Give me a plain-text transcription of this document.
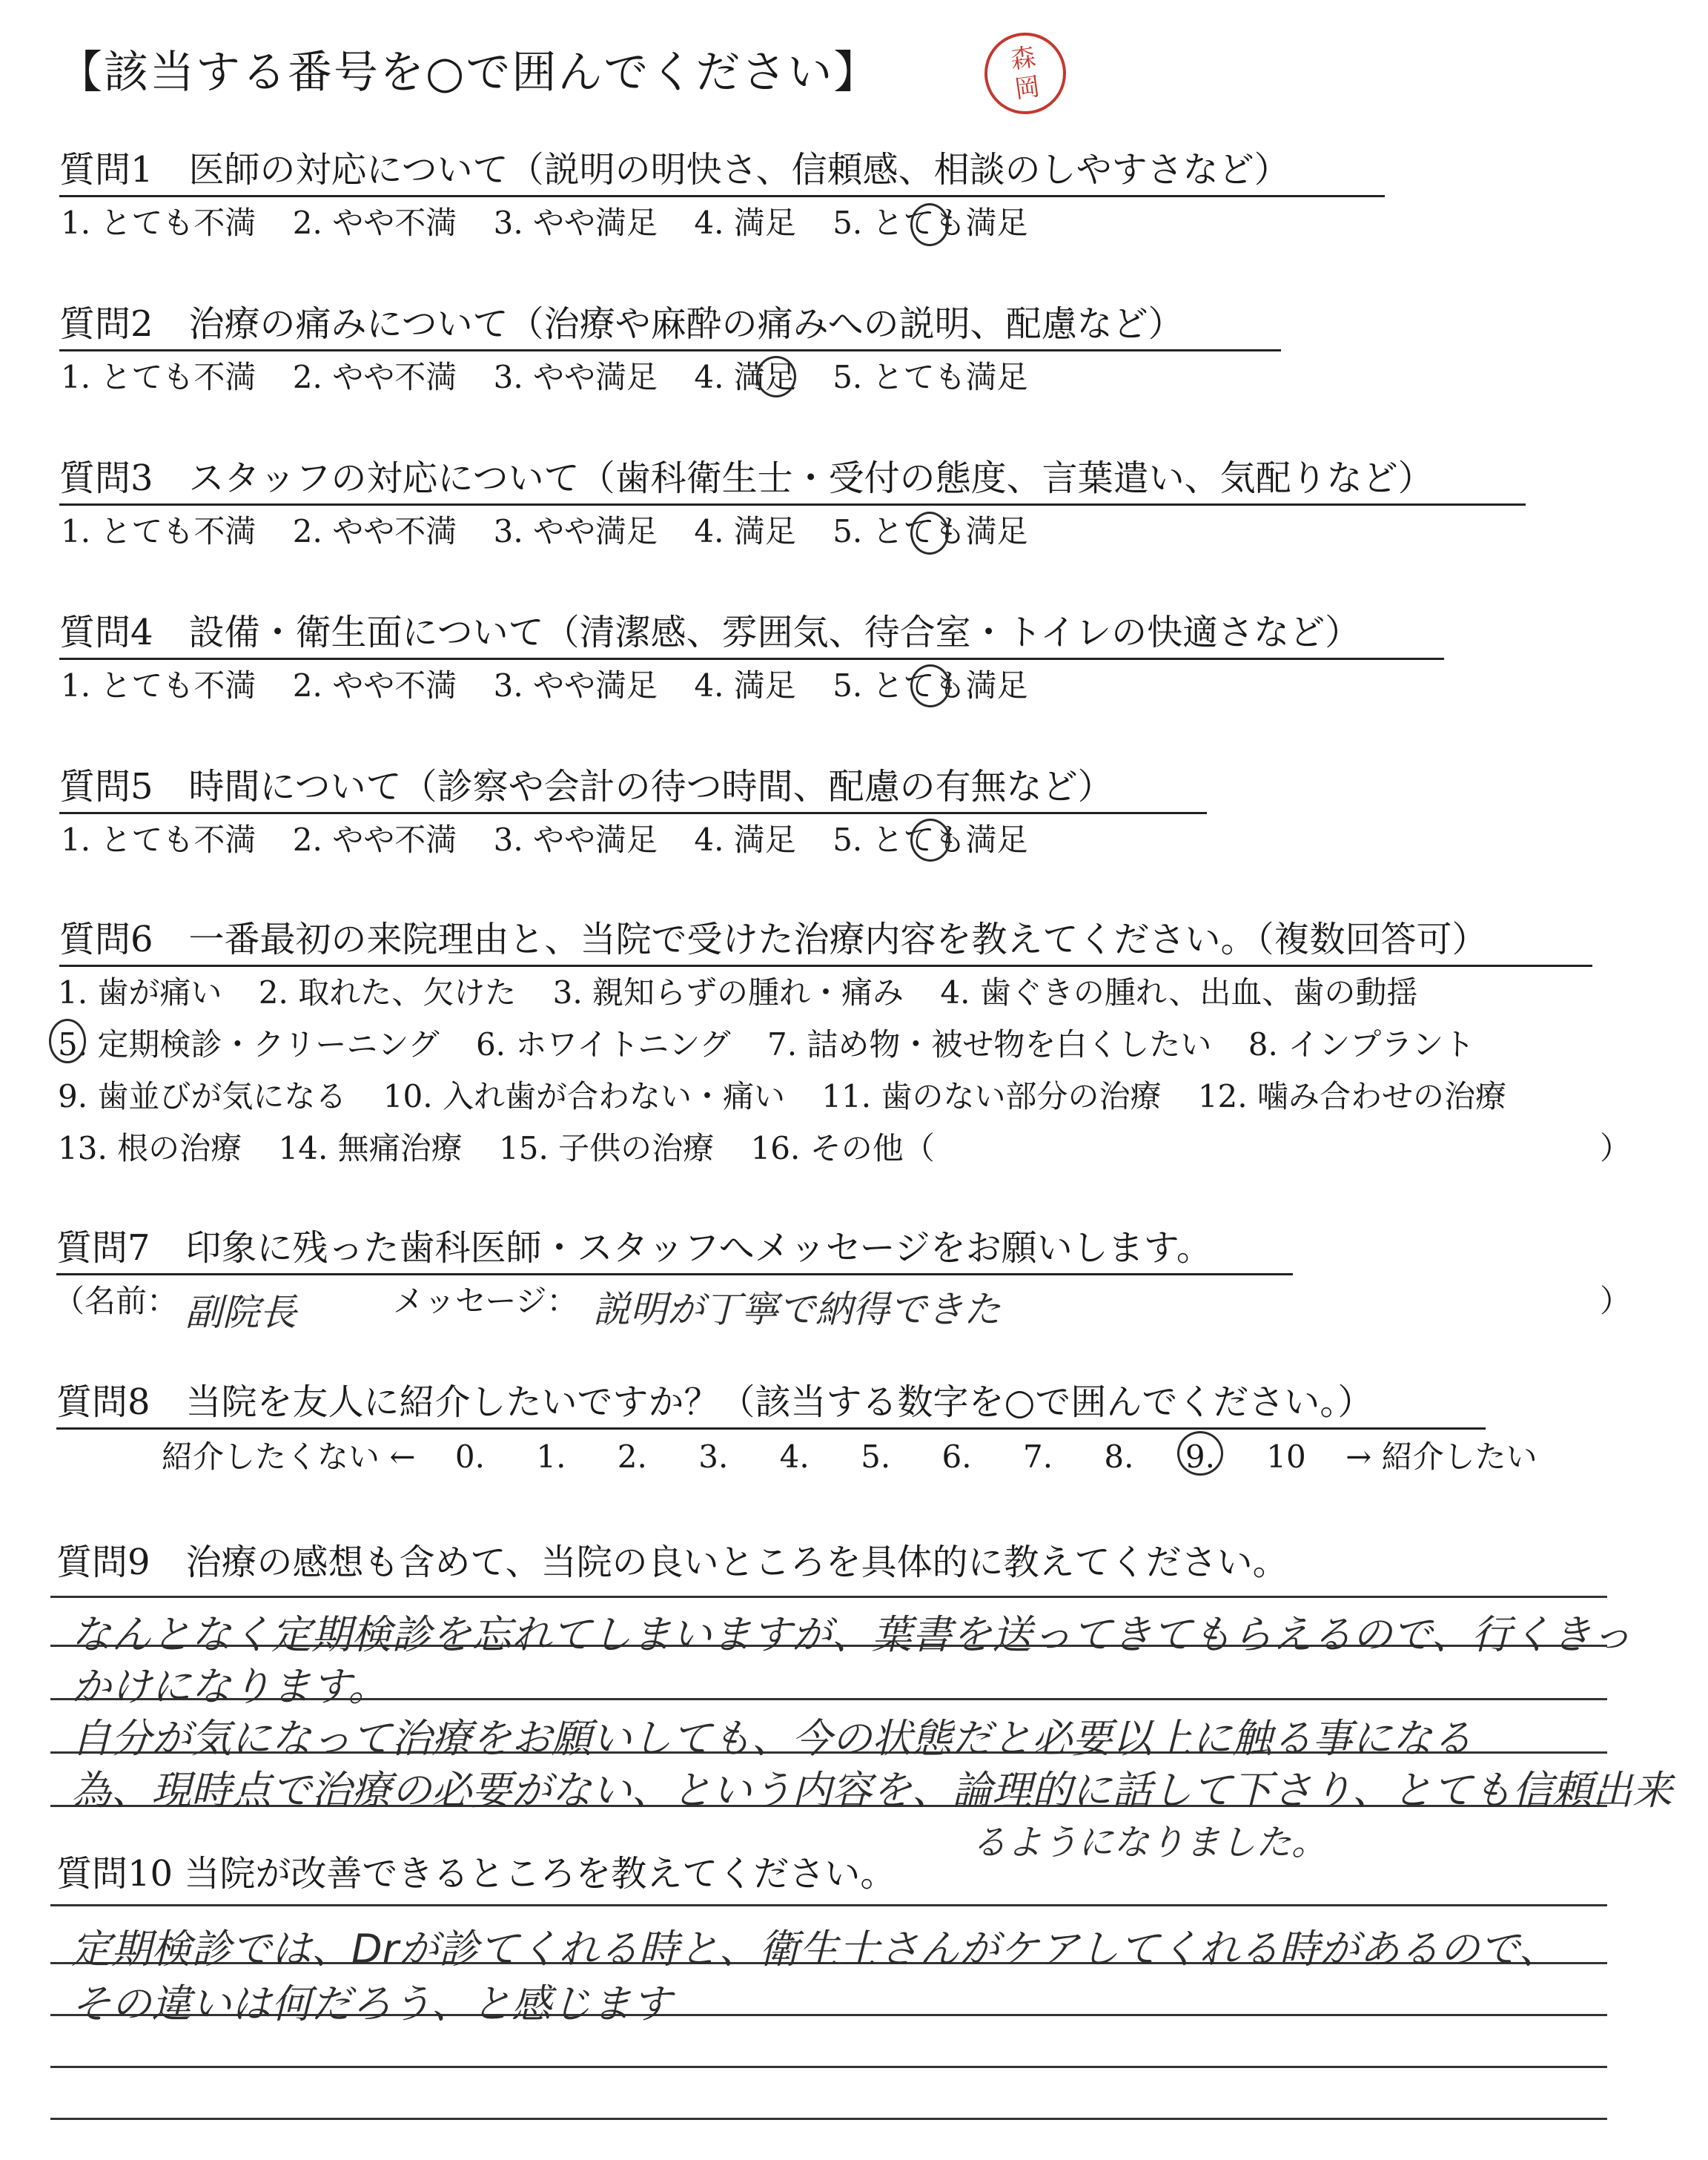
【該当する番号を○で囲んでください】	森
岡
質問1　医師の対応について（説明の明快さ、信頼感、相談のしやすさなど）
1. とても不満 2. やや不満 3. やや満足 4. 満足 5. とても満足
質問2　治療の痛みについて（治療や麻酔の痛みへの説明、配慮など）
1. とても不満 2. やや不満 3. やや満足 4. 満足 5. とても満足
質問3　スタッフの対応について（歯科衛生士・受付の態度、言葉遣い、気配りなど）
1. とても不満 2. やや不満 3. やや満足 4. 満足 5. とても満足
質問4　設備・衛生面について（清潔感、雰囲気、待合室・トイレの快適さなど）
1. とても不満 2. やや不満 3. やや満足 4. 満足 5. とても満足
質問5　時間について（診察や会計の待つ時間、配慮の有無など）
1. とても不満 2. やや不満 3. やや満足 4. 満足 5. とても満足
質問6　一番最初の来院理由と、当院で受けた治療内容を教えてください。（複数回答可）
1. 歯が痛い 2. 取れた、欠けた 3. 親知らずの腫れ・痛み 4. 歯ぐきの腫れ、出血、歯の動揺
5. 定期検診・クリーニング 6. ホワイトニング 7. 詰め物・被せ物を白くしたい 8. インプラント
9. 歯並びが気になる 10. 入れ歯が合わない・痛い 11. 歯のない部分の治療 12. 噛み合わせの治療
13. 根の治療 14. 無痛治療 15. 子供の治療 16. その他（	）
質問7　印象に残った歯科医師・スタッフへメッセージをお願いします。
（名前： 副院長	メッセージ： 説明が丁寧で納得できた	）
質問8　当院を友人に紹介したいですか？（該当する数字を○で囲んでください。）
紹介したくない ← 0. 1. 2. 3. 4. 5. 6. 7. 8. 9. 10 → 紹介したい
質問9　治療の感想も含めて、当院の良いところを具体的に教えてください。
なんとなく定期検診を忘れてしまいますが、葉書を送ってきてもらえるので、行くきっ
かけになります。
自分が気になって治療をお願いしても、今の状態だと必要以上に触る事になる
為、現時点で治療の必要がない、という内容を、論理的に話して下さり、とても信頼出来
るようになりました。
質問10 当院が改善できるところを教えてください。
定期検診では、Drが診てくれる時と、衛生士さんがケアしてくれる時があるので、
その違いは何だろう、と感じます
